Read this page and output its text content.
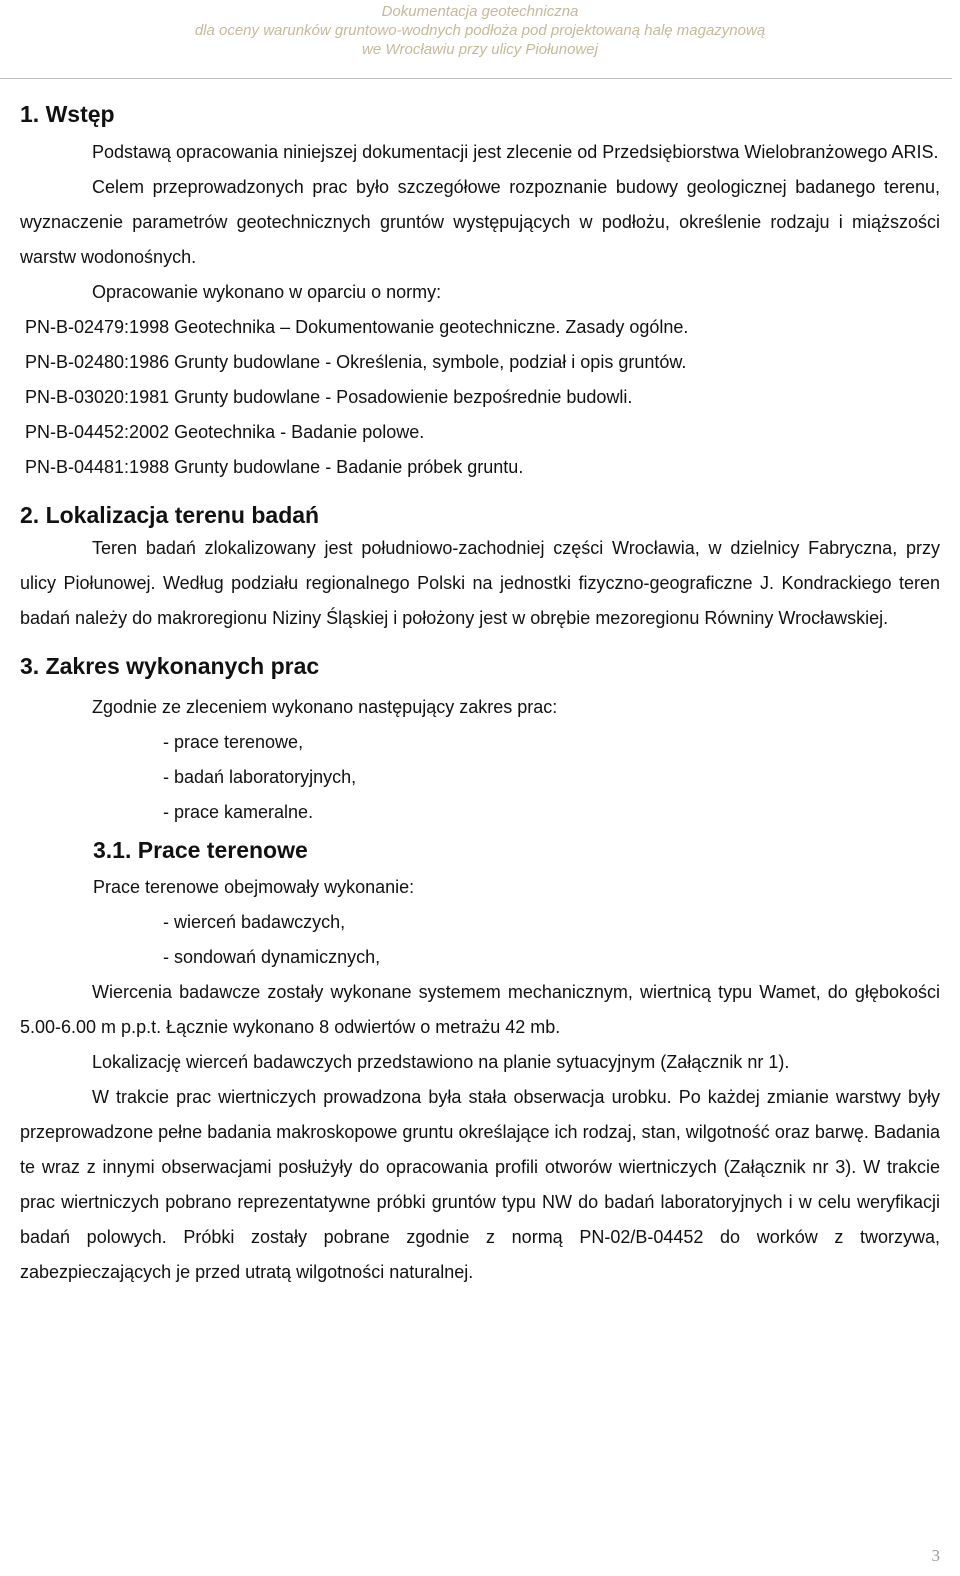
Dokumentacja geotechniczna
dla oceny warunków gruntowo-wodnych podłoża pod projektowaną halę magazynową
we Wrocławiu przy ulicy Piołunowej
1. Wstęp

Podstawą opracowania niniejszej dokumentacji jest zlecenie od Przedsiębiorstwa Wielobranżowego ARIS.

Celem przeprowadzonych prac było szczegółowe rozpoznanie budowy geologicznej badanego terenu, wyznaczenie parametrów geotechnicznych gruntów występujących w podłożu, określenie rodzaju i miąższości warstw wodonośnych.

Opracowanie wykonano w oparciu o normy:
PN-B-02479:1998 Geotechnika – Dokumentowanie geotechniczne. Zasady ogólne.
PN-B-02480:1986 Grunty budowlane - Określenia, symbole, podział i opis gruntów.
PN-B-03020:1981 Grunty budowlane - Posadowienie bezpośrednie budowli.
PN-B-04452:2002 Geotechnika - Badanie polowe.
PN-B-04481:1988 Grunty budowlane - Badanie próbek gruntu.
2. Lokalizacja terenu badań

Teren badań zlokalizowany jest południowo-zachodniej części Wrocławia, w dzielnicy Fabryczna, przy ulicy Piołunowej. Według podziału regionalnego Polski na jednostki fizyczno-geograficzne J. Kondrackiego teren badań należy do makroregionu Niziny Śląskiej i położony jest w obrębie mezoregionu Równiny Wrocławskiej.

3. Zakres wykonanych prac
Zgodnie ze zleceniem wykonano następujący zakres prac:
- prace terenowe,
- badań laboratoryjnych,
- prace kameralne.
3.1. Prace terenowe
Prace terenowe obejmowały wykonanie:
- wierceń badawczych,
- sondowań dynamicznych,

Wiercenia badawcze zostały wykonane systemem mechanicznym, wiertnicą typu Wamet, do głębokości 5.00-6.00 m p.p.t. Łącznie wykonano 8 odwiertów o metrażu 42 mb.

Lokalizację wierceń badawczych przedstawiono na planie sytuacyjnym (Załącznik nr 1).

W trakcie prac wiertniczych prowadzona była stała obserwacja urobku. Po każdej zmianie warstwy były przeprowadzone pełne badania makroskopowe gruntu określające ich rodzaj, stan, wilgotność oraz barwę. Badania te wraz z innymi obserwacjami posłużyły do opracowania profili otworów wiertniczych (Załącznik nr 3). W trakcie prac wiertniczych pobrano reprezentatywne próbki gruntów typu NW do badań laboratoryjnych i w celu weryfikacji badań polowych. Próbki zostały pobrane zgodnie z normą PN-02/B-04452 do worków z tworzywa, zabezpieczających je przed utratą wilgotności naturalnej.

3
